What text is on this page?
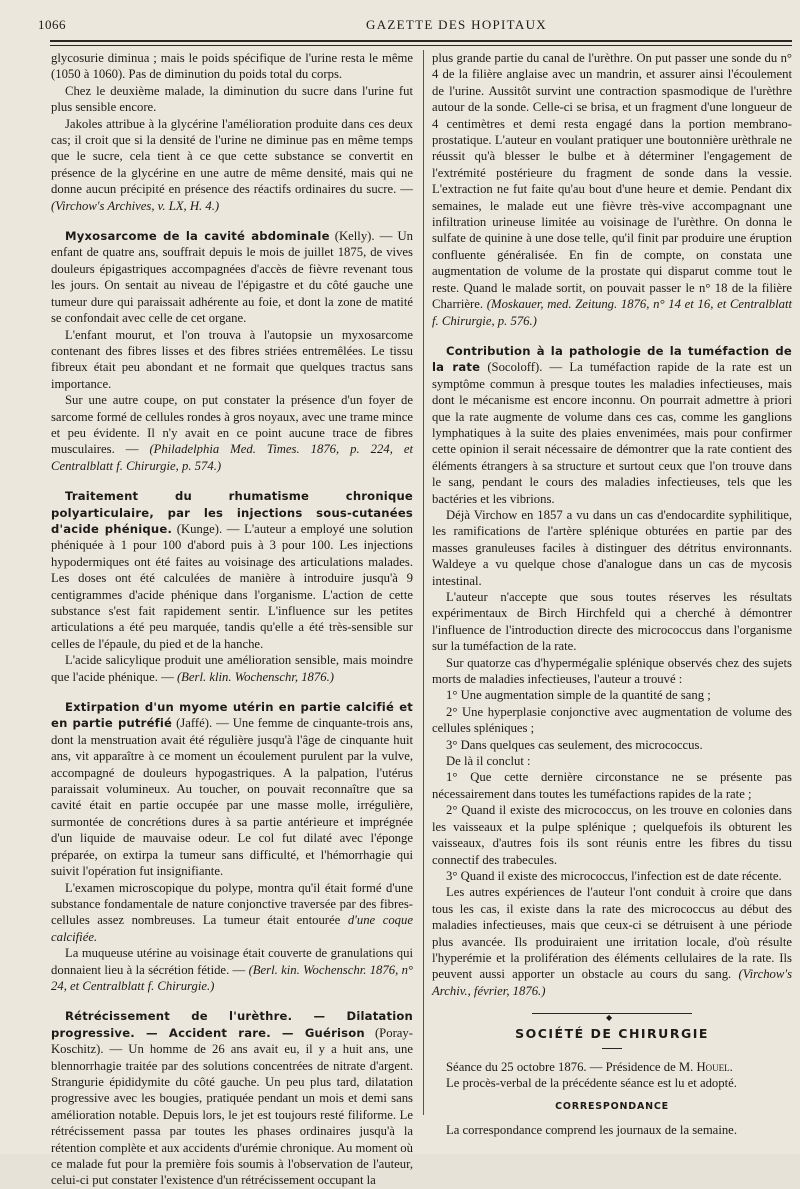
1066	GAZETTE DES HOPITAUX

glycosurie diminua ; mais le poids spécifique de l'urine resta le même (1050 à 1060). Pas de diminution du poids total du corps.

Chez le deuxième malade, la diminution du sucre dans l'urine fut plus sensible encore.

Jakoles attribue à la glycérine l'amélioration produite dans ces deux cas; il croit que si la densité de l'urine ne diminue pas en même temps que le sucre, cela tient à ce que cette substance se convertit en présence de la glycérine en une autre de même densité, mais qui ne donne aucun précipité en présence des réactifs ordinaires du sucre. — (Virchow's Archives, v. LX, H. 4.)

Myxosarcome de la cavité abdominale (Kelly). — Un enfant de quatre ans, souffrait depuis le mois de juillet 1875, de vives douleurs épigastriques accompagnées d'accès de fièvre revenant tous les jours. On sentait au niveau de l'épigastre et du côté gauche une tumeur dure qui paraissait adhérente au foie, et dont la zone de matité se confondait avec celle de cet organe.

L'enfant mourut, et l'on trouva à l'autopsie un myxosarcome contenant des fibres lisses et des fibres striées entremêlées. Le tissu fibreux était peu abondant et ne formait que quelques tractus sans importance.

Sur une autre coupe, on put constater la présence d'un foyer de sarcome formé de cellules rondes à gros noyaux, avec une trame mince et peu évidente. Il n'y avait en ce point aucune trace de fibres musculaires. — (Philadelphia Med. Times. 1876, p. 224, et Centralblatt f. Chirurgie, p. 574.)

Traitement du rhumatisme chronique polyarticulaire, par les injections sous-cutanées d'acide phénique. (Kunge). — L'auteur a employé une solution phéniquée à 1 pour 100 d'abord puis à 3 pour 100. Les injections hypodermiques ont été faites au voisinage des articulations malades. Les doses ont été calculées de manière à introduire jusqu'à 9 centigrammes d'acide phénique dans l'organisme. L'action de cette substance s'est fait rapidement sentir. L'influence sur les petites articulations a été peu marquée, tandis qu'elle a été très-sensible sur celles de l'épaule, du pied et de la hanche.

L'acide salicylique produit une amélioration sensible, mais moindre que l'acide phénique. — (Berl. klin. Wochenschr, 1876.)

Extirpation d'un myome utérin en partie calcifié et en partie putréfié (Jaffé). — Une femme de cinquante-trois ans, dont la menstruation avait été régulière jusqu'à l'âge de cinquante huit ans, vit apparaître à ce moment un écoulement purulent par la vulve, accompagné de douleurs hypogastriques. A la palpation, l'utérus paraissait volumineux. Au toucher, on pouvait reconnaître que sa cavité était en partie occupée par une masse molle, irrégulière, surmontée de concrétions dures à sa partie antérieure et imprégnée d'un liquide de mauvaise odeur. Le col fut dilaté avec l'éponge préparée, on extirpa la tumeur sans difficulté, et l'hémorrhagie qui suivit l'opération fut insignifiante.

L'examen microscopique du polype, montra qu'il était formé d'une substance fondamentale de nature conjonctive traversée par des fibres-cellules assez nombreuses. La tumeur était entourée d'une coque calcifiée.

La muqueuse utérine au voisinage était couverte de granulations qui donnaient lieu à la sécrétion fétide. — (Berl. kin. Wochenschr. 1876, n° 24, et Centralblatt f. Chirurgie.)

Rétrécissement de l'urèthre. — Dilatation progressive. — Accident rare. — Guérison (Poray-Koschitz). — Un homme de 26 ans avait eu, il y a huit ans, une blennorrhagie traitée par des solutions concentrées de nitrate d'argent. Strangurie épididymite du côté gauche. Un peu plus tard, dilatation progressive avec les bougies, pratiquée pendant un mois et demi sans amélioration notable. Depuis lors, le jet est toujours resté filiforme. Le rétrécissement passa par toutes les phases ordinaires jusqu'à la rétention complète et aux accidents d'urémie chronique. Au moment où ce malade fut pour la première fois soumis à l'observation de l'auteur, celui-ci put constater l'existence d'un rétrécissement occupant la

plus grande partie du canal de l'urèthre. On put passer une sonde du n° 4 de la filière anglaise avec un mandrin, et assurer ainsi l'écoulement de l'urine. Aussitôt survint une contraction spasmodique de l'urèthre autour de la sonde. Celle-ci se brisa, et un fragment d'une longueur de 4 centimètres et demi resta engagé dans la portion membrano-prostatique. L'auteur en voulant pratiquer une boutonnière urèthrale ne réussit qu'à blesser le bulbe et à déterminer l'engagement de l'extrémité postérieure du fragment de sonde dans la vessie. L'extraction ne fut faite qu'au bout d'une heure et demie. Pendant dix semaines, le malade eut une fièvre très-vive accompagnant une infiltration urineuse limitée au voisinage de l'urèthre. On donna le sulfate de quinine à une dose telle, qu'il finit par produire une éruption confluente généralisée. En fin de compte, on constata une augmentation de volume de la prostate qui disparut comme tout le reste. Quand le malade sortit, on pouvait passer le n° 18 de la filière Charrière. (Moskauer, med. Zeitung. 1876, n° 14 et 16, et Centralblatt f. Chirurgie, p. 576.)

Contribution à la pathologie de la tuméfaction de la rate (Socoloff). — La tuméfaction rapide de la rate est un symptôme commun à presque toutes les maladies infectieuses, mais dont le mécanisme est encore inconnu. On pourrait admettre à priori que la rate augmente de volume dans ces cas, comme les ganglions lymphatiques à la suite des plaies envenimées, mais pour confirmer cette opinion il serait nécessaire de démontrer que la rate contient des éléments étrangers à sa structure et surtout ceux que l'on trouve dans le sang, pendant le cours des maladies infectieuses, tels que les bactéries et les vibrions.

Déjà Virchow en 1857 a vu dans un cas d'endocardite syphilitique, les ramifications de l'artère splénique obturées en partie par des masses granuleuses faciles à distinguer des détritus environnants. Waldeye a vu quelque chose d'analogue dans un cas de mycosis intestinal.

L'auteur n'accepte que sous toutes réserves les résultats expérimentaux de Birch Hirchfeld qui a cherché à démontrer l'influence de l'introduction directe des micrococcus dans l'organisme sur la tuméfaction de la rate.

Sur quatorze cas d'hypermégalie splénique observés chez des sujets morts de maladies infectieuses, l'auteur a trouvé :

1° Une augmentation simple de la quantité de sang ;

2° Une hyperplasie conjonctive avec augmentation de volume des cellules spléniques ;

3° Dans quelques cas seulement, des micrococcus.

De là il conclut :

1° Que cette dernière circonstance ne se présente pas nécessairement dans toutes les tuméfactions rapides de la rate ;

2° Quand il existe des micrococcus, on les trouve en colonies dans les vaisseaux et la pulpe splénique ; quelquefois ils obturent les vaisseaux, d'autres fois ils sont réunis entre les fibres du tissu connectif des trabecules.

3° Quand il existe des micrococcus, l'infection est de date récente.

Les autres expériences de l'auteur l'ont conduit à croire que dans tous les cas, il existe dans la rate des micrococcus au début des maladies infectieuses, mais que ceux-ci se détruisent à une période plus avancée. Ils produiraient une irritation locale, d'où résulte l'hyperémie et la prolifération des éléments cellulaires de la rate. Ils peuvent aussi apporter un obstacle au cours du sang. (Virchow's Archiv., février, 1876.)

◆
SOCIÉTÉ DE CHIRURGIE

Séance du 25 octobre 1876. — Présidence de M. Houel.

Le procès-verbal de la précédente séance est lu et adopté.

CORRESPONDANCE

La correspondance comprend les journaux de la semaine.
